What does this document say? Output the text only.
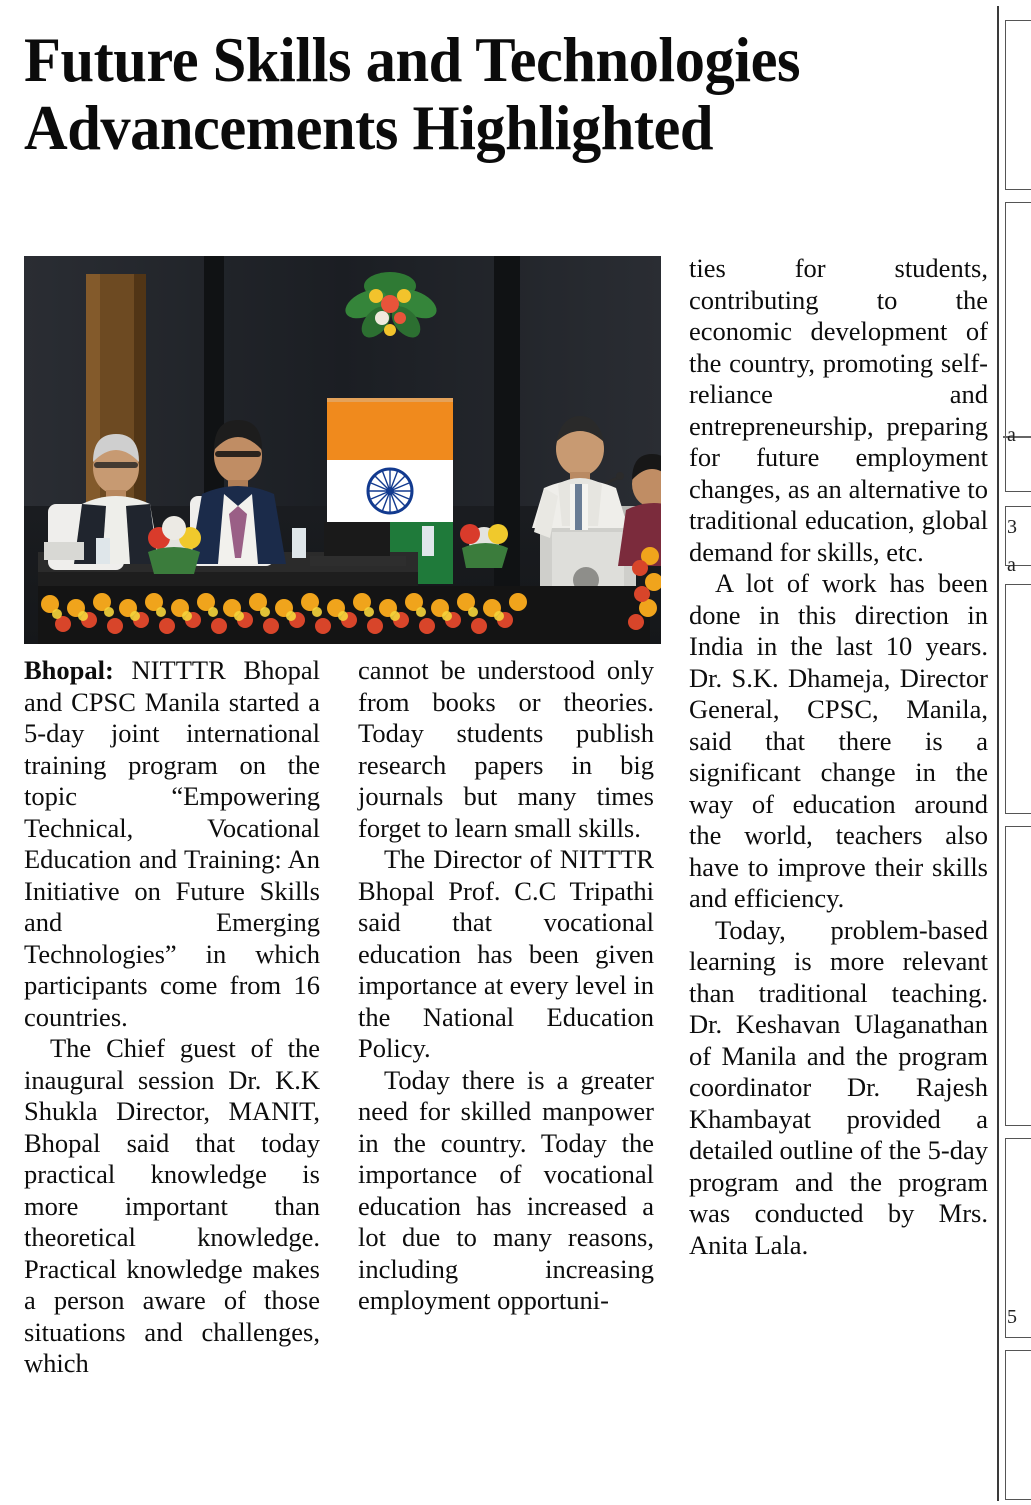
Future Skills and Technologies
Advancements Highlighted

Bhopal: NITTTR Bhopal and CPSC Manila started a 5-day joint international training program on the topic “Empowering Technical, Vocational Education and Training: An Initiative on Future Skills and Emerging Technologies” in which participants come from 16 countries.

The Chief guest of the inaugural session Dr. K.K Shukla Director, MANIT, Bhopal said that today practical knowledge is more important than theoretical knowledge. Practical knowledge makes a person aware of those situations and challenges, which

cannot be understood only from books or theories. Today students publish research papers in big journals but many times forget to learn small skills.

The Director of NITTTR Bhopal Prof. C.C Tripathi said that vocational education has been given importance at every level in the National Education Policy.

Today there is a greater need for skilled manpower in the country. Today the importance of vocational education has increased a lot due to many reasons, including increasing employment opportuni-

ties for students, contributing to the economic development of the country, promoting self-reliance and entrepreneurship, preparing for future employment changes, as an alternative to traditional education, global demand for skills, etc.

A lot of work has been done in this direction in India in the last 10 years. Dr. S.K. Dhameja, Director General, CPSC, Manila, said that there is a significant change in the way of education around the world, teachers also have to improve their skills and efficiency.

Today, problem-based learning is more relevant than traditional teaching. Dr. Keshavan Ulaganathan of Manila and the program coordinator Dr. Rajesh Khambayat provided a detailed outline of the 5-day program and the program was conducted by Mrs. Anita Lala.

a
3
a
5
